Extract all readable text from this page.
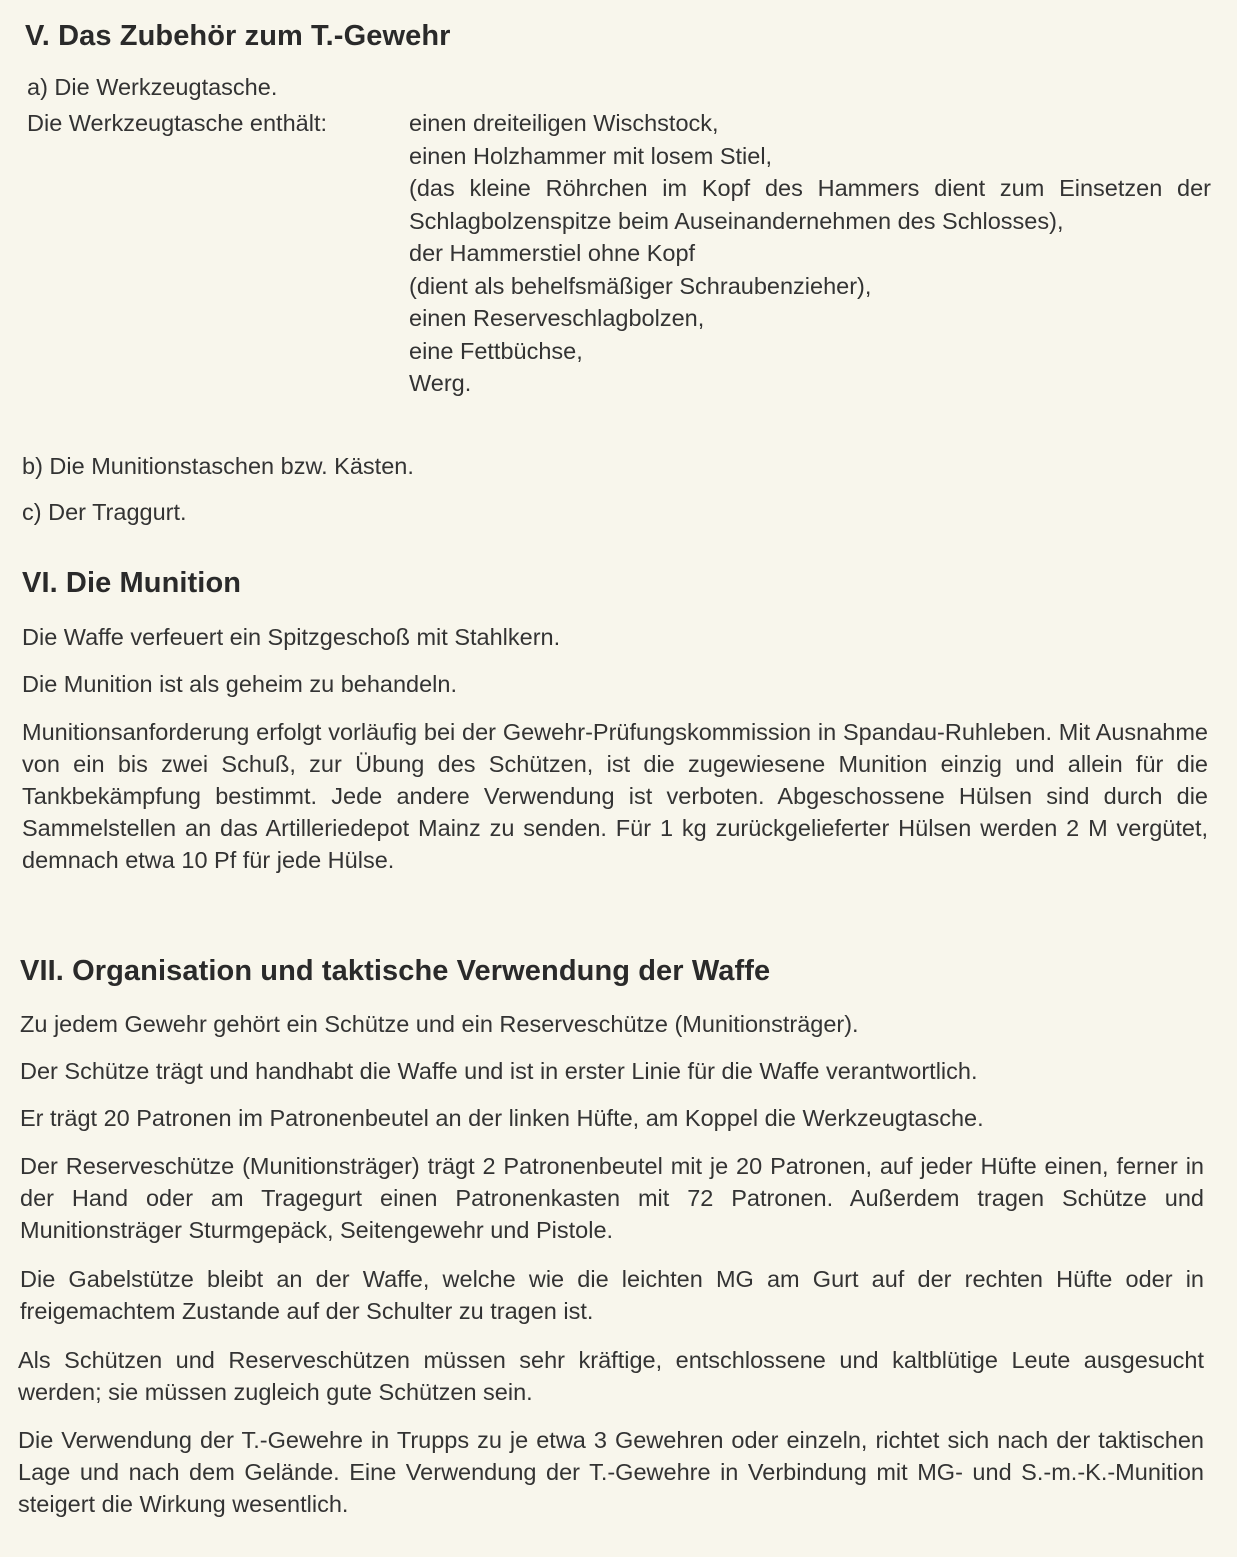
V. Das Zubehör zum T.-Gewehr
a) Die Werkzeugtasche.
Die Werkzeugtasche enthält:	einen dreiteiligen Wischstock,
einen Holzhammer mit losem Stiel,
(das kleine Röhrchen im Kopf des Hammers dient zum Einsetzen der Schlagbolzenspitze beim Auseinandernehmen des Schlosses),
der Hammerstiel ohne Kopf
(dient als behelfsmäßiger Schraubenzieher),
einen Reserveschlagbolzen,
eine Fettbüchse,
Werg.
b) Die Munitionstaschen bzw. Kästen.
c) Der Traggurt.
VI. Die Munition
Die Waffe verfeuert ein Spitzgeschoß mit Stahlkern.
Die Munition ist als geheim zu behandeln.
Munitionsanforderung erfolgt vorläufig bei der Gewehr-Prüfungskommission in Spandau-Ruhleben. Mit Ausnahme von ein bis zwei Schuß, zur Übung des Schützen, ist die zugewiesene Munition einzig und allein für die Tankbekämpfung bestimmt. Jede andere Verwendung ist verboten. Abgeschossene Hülsen sind durch die Sammelstellen an das Artilleriedepot Mainz zu senden. Für 1 kg zurückgelieferter Hülsen werden 2 M vergütet, demnach etwa 10 Pf für jede Hülse.
VII. Organisation und taktische Verwendung der Waffe
Zu jedem Gewehr gehört ein Schütze und ein Reserveschütze (Munitionsträger).
Der Schütze trägt und handhabt die Waffe und ist in erster Linie für die Waffe verantwortlich.
Er trägt 20 Patronen im Patronenbeutel an der linken Hüfte, am Koppel die Werkzeugtasche.
Der Reserveschütze (Munitionsträger) trägt 2 Patronenbeutel mit je 20 Patronen, auf jeder Hüfte einen, ferner in der Hand oder am Tragegurt einen Patronenkasten mit 72 Patronen. Außerdem tragen Schütze und Munitionsträger Sturmgepäck, Seitengewehr und Pistole.
Die Gabelstütze bleibt an der Waffe, welche wie die leichten MG am Gurt auf der rechten Hüfte oder in freigemachtem Zustande auf der Schulter zu tragen ist.
Als Schützen und Reserveschützen müssen sehr kräftige, entschlossene und kaltblütige Leute ausgesucht werden; sie müssen zugleich gute Schützen sein.
Die Verwendung der T.-Gewehre in Trupps zu je etwa 3 Gewehren oder einzeln, richtet sich nach der taktischen Lage und nach dem Gelände. Eine Verwendung der T.-Gewehre in Verbindung mit MG- und S.-m.-K.-Munition steigert die Wirkung wesentlich.
